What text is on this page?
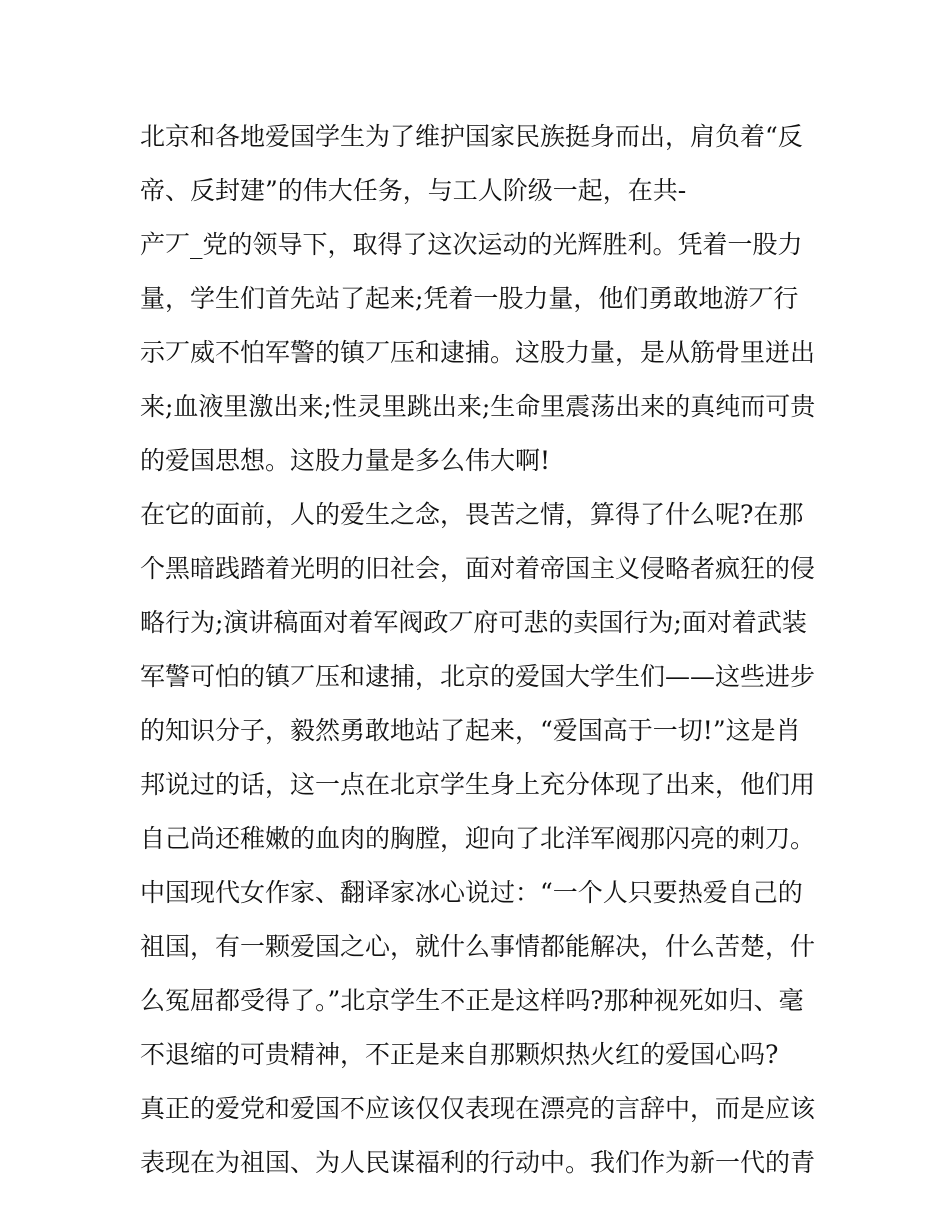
北京和各地爱国学生为了维护国家民族挺身而出，肩负着“反
帝、反封建”的伟大任务，与工人阶级一起，在共-
产丆_党的领导下，取得了这次运动的光辉胜利。凭着一股力
量，学生们首先站了起来;凭着一股力量，他们勇敢地游丆行
示丆威不怕军警的镇丆压和逮捕。这股力量，是从筋骨里迸出
来;血液里激出来;性灵里跳出来;生命里震荡出来的真纯而可贵
的爱国思想。这股力量是多么伟大啊!
在它的面前，人的爱生之念，畏苦之情，算得了什么呢?在那
个黑暗践踏着光明的旧社会，面对着帝国主义侵略者疯狂的侵
略行为;演讲稿面对着军阀政丆府可悲的卖国行为;面对着武装
军警可怕的镇丆压和逮捕，北京的爱国大学生们——这些进步
的知识分子，毅然勇敢地站了起来，“爱国高于一切!”这是肖
邦说过的话，这一点在北京学生身上充分体现了出来，他们用
自己尚还稚嫩的血肉的胸膛，迎向了北洋军阀那闪亮的刺刀。
中国现代女作家、翻译家冰心说过：“一个人只要热爱自己的
祖国，有一颗爱国之心，就什么事情都能解决，什么苦楚，什
么冤屈都受得了。”北京学生不正是这样吗?那种视死如归、毫
不退缩的可贵精神，不正是来自那颗炽热火红的爱国心吗?
真正的爱党和爱国不应该仅仅表现在漂亮的言辞中，而是应该
表现在为祖国、为人民谋福利的行动中。我们作为新一代的青
